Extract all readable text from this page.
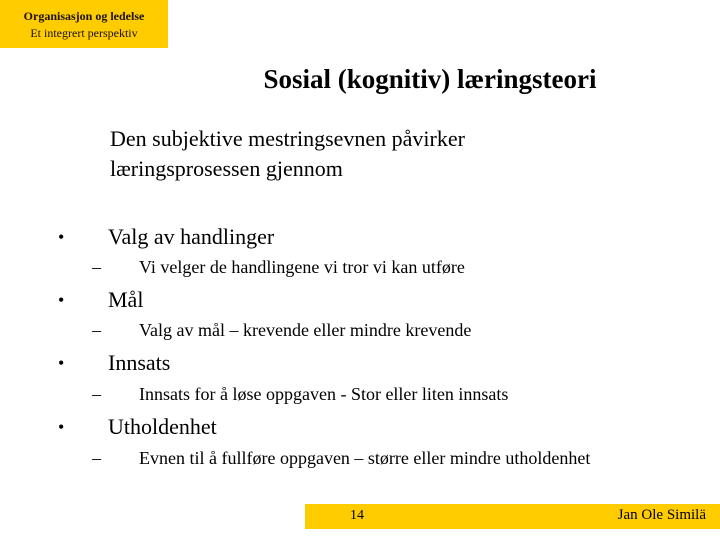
Organisasjon og ledelse
Et integrert perspektiv
Sosial (kognitiv) læringsteori
Den subjektive mestringsevnen påvirker
læringsprosessen gjennom
• Valg av handlinger
– Vi velger de handlingene vi tror vi kan utføre
• Mål
– Valg av mål – krevende eller mindre krevende
• Innsats
– Innsats for å løse oppgaven - Stor eller liten innsats
• Utholdenhet
– Evnen til å fullføre oppgaven – større eller mindre utholdenhet
14	Jan Ole Similä
